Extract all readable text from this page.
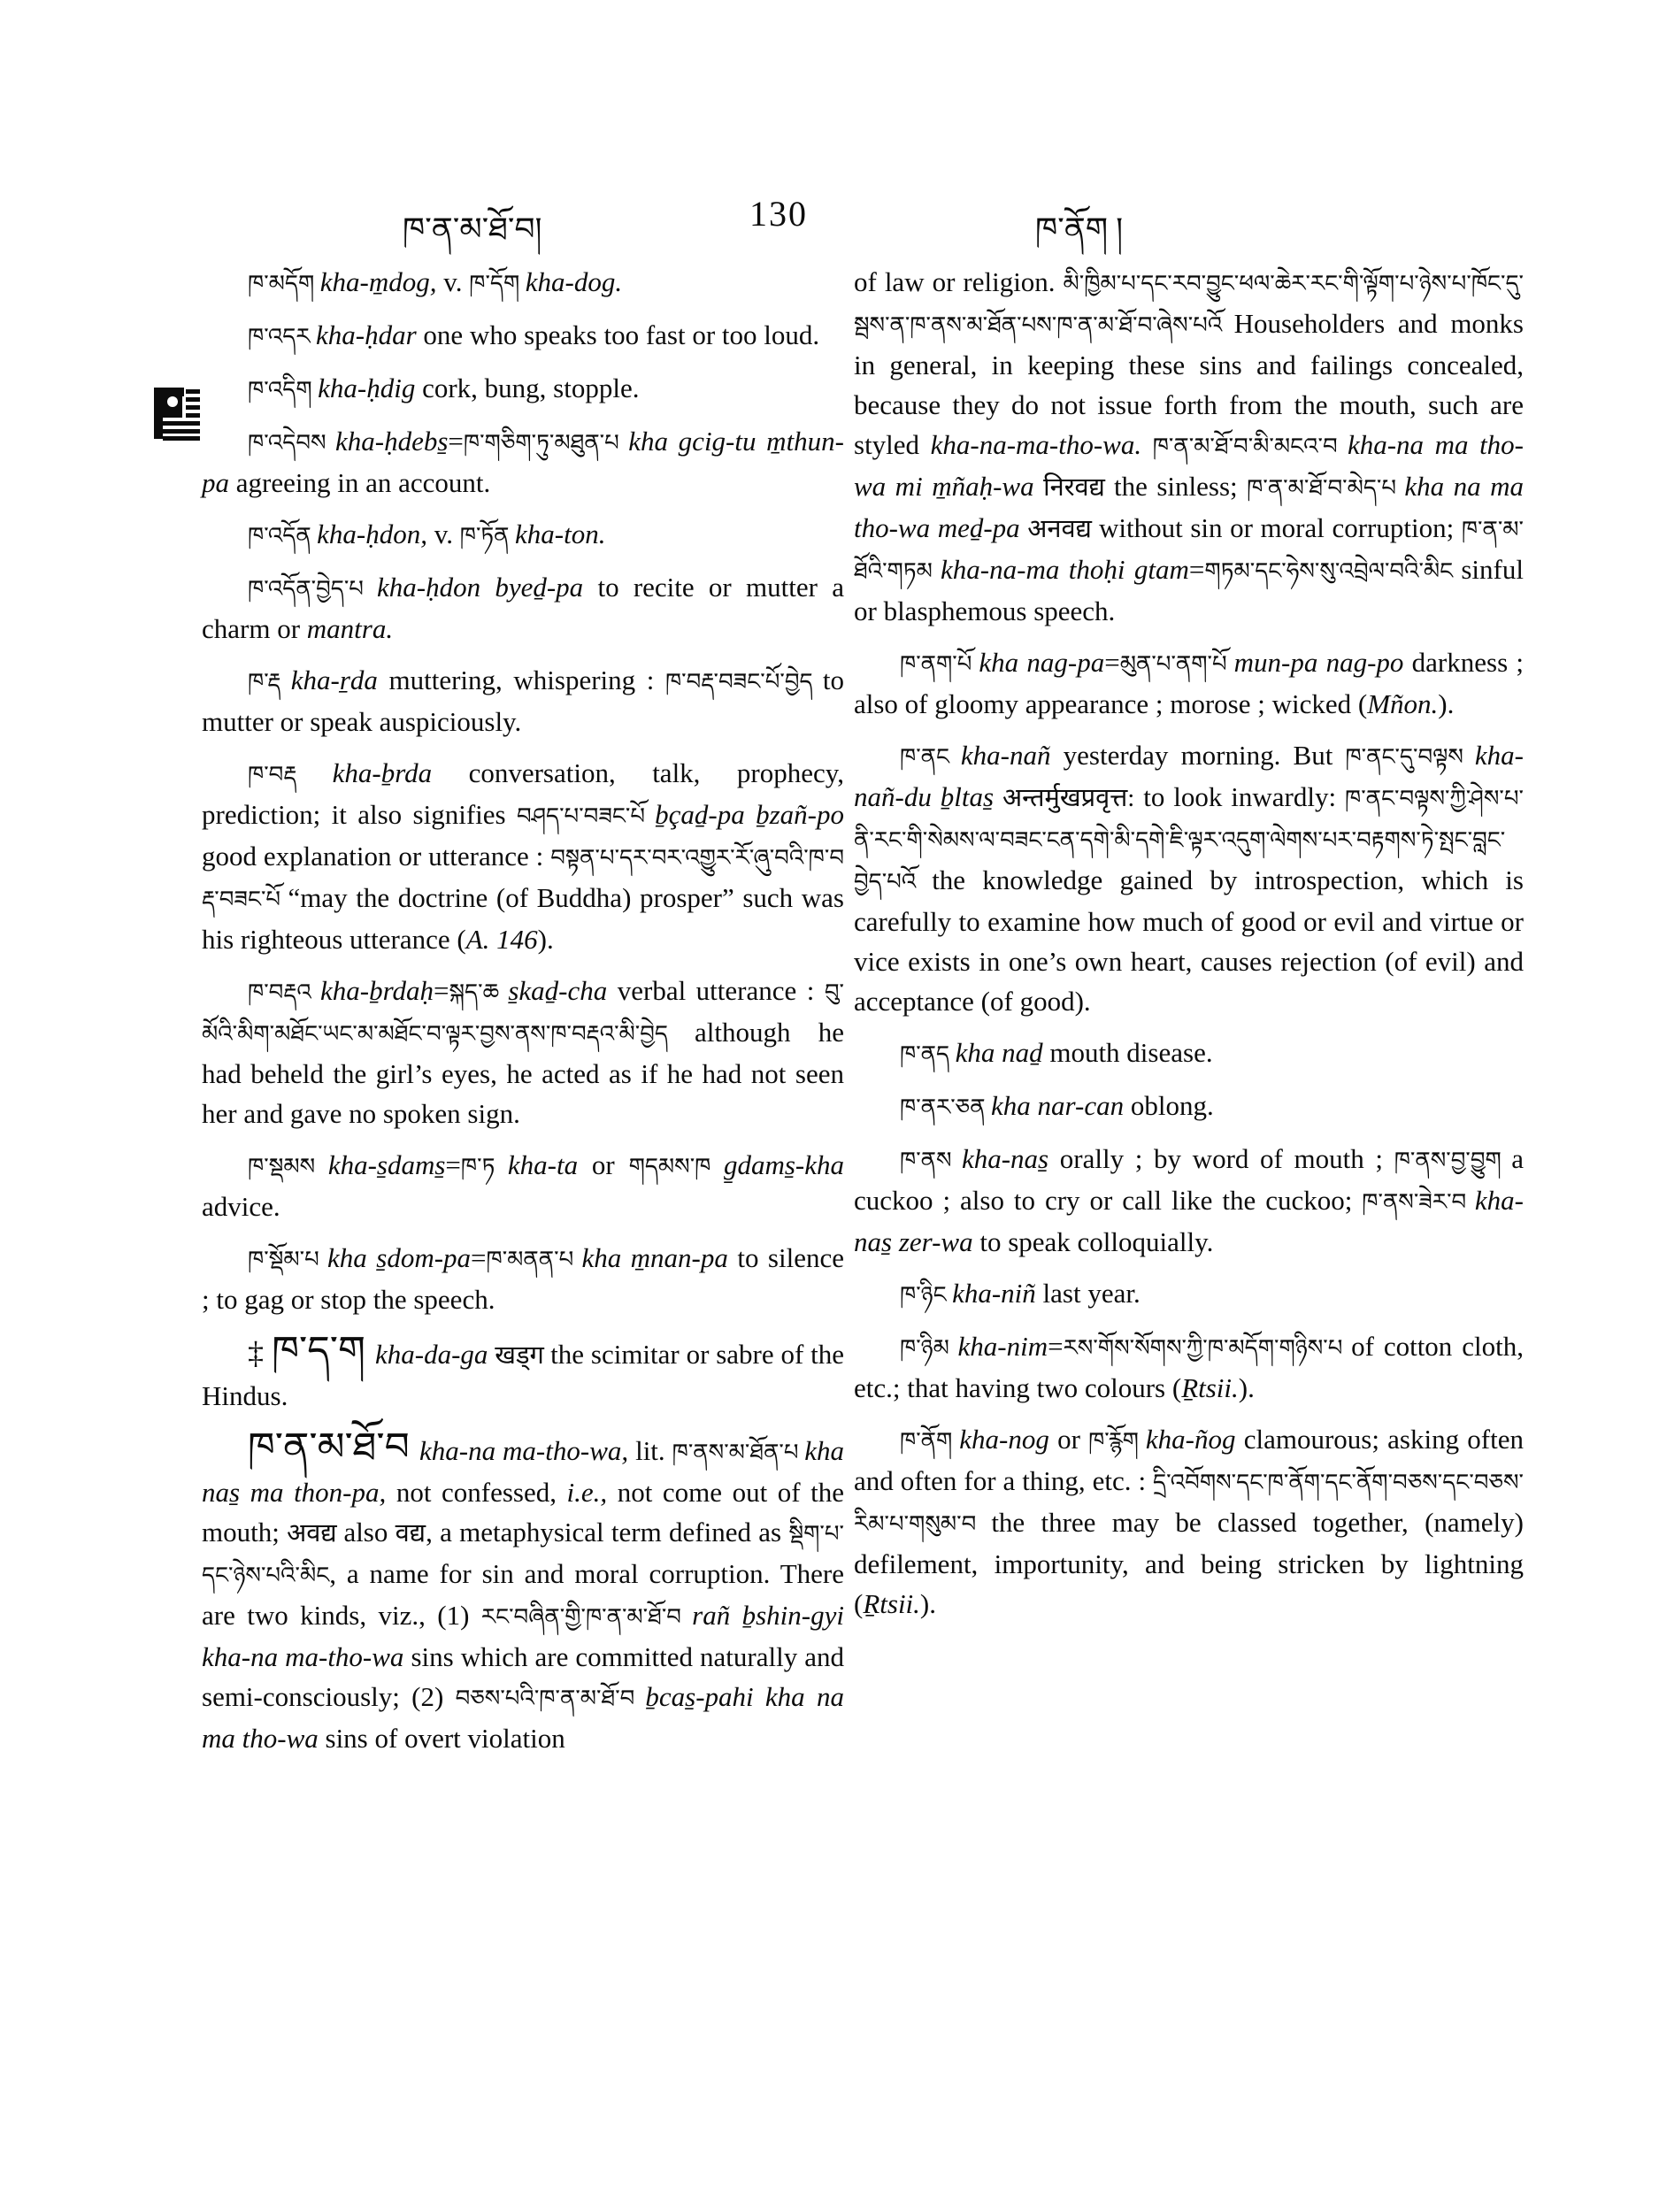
ཁ་ན་མ་ཐོ་བ།	130	ཁ་ནོག །

ཁ་མདོག kha-m̱dog, v. ཁ་དོག kha-dog.

ཁ་འདར kha-ḥdar one who speaks too fast or too loud.

ཁ་འདིག kha-ḥdig cork, bung, stopple.

ཁ་འདེབས kha-ḥdebs̱=ཁ་གཅིག་ཏུ་མཐུན་པ kha gcig-tu m̱thun-pa agreeing in an account.

ཁ་འདོན kha-ḥdon, v. ཁ་ཏོན kha-ton.

ཁ་འདོན་བྱེད་པ kha-ḥdon byeḏ-pa to recite or mutter a charm or mantra.

ཁ་རྡ kha-ṟda muttering, whispering : ཁ་བརྡ་བཟང་པོ་བྱེད to mutter or speak auspiciously.

ཁ་བརྡ kha-ḇrda conversation, talk, prophecy, prediction; it also signifies བཤད་པ་བཟང་པོ ḇçaḏ-pa ḇzañ-po good explanation or utterance : བསྟན་པ་དར་བར་འགྱུར་རོ་ཞུ་བའི་ཁ་བརྡ་བཟང་པོ “may the doctrine (of Buddha) prosper” such was his righteous utterance (A. 146).

ཁ་བརྡའ kha-ḇrdaḥ=སྐད་ཆ s̱kaḏ-cha verbal utterance : བུ་མོའི་མིག་མཐོང་ཡང་མ་མཐོང་བ་ལྟར་བྱས་ནས་ཁ་བརྡའ་མི་བྱེད although he had beheld the girl’s eyes, he acted as if he had not seen her and gave no spoken sign.

ཁ་སྡམས kha-s̱dams̱=ཁ་ཏ kha-ta or གདམས་ཁ g̱dams̱-kha advice.

ཁ་སྡོམ་པ kha s̱dom-pa=ཁ་མནན་པ kha m̱nan-pa to silence ; to gag or stop the speech.

‡ ཁ་ད་ག kha-da-ga खड्ग the scimitar or sabre of the Hindus.

ཁ་ན་མ་ཐོ་བ kha-na ma-tho-wa, lit. ཁ་ནས་མ་ཐོན་པ kha nas̱ ma thon-pa, not confessed, i.e., not come out of the mouth; अवद्य also वद्य, a metaphysical term defined as སྡིག་པ་དང་ཉེས་པའི་མིང, a name for sin and moral corruption. There are two kinds, viz., (1) རང་བཞིན་གྱི་ཁ་ན་མ་ཐོ་བ rañ ḇshin-gyi kha-na ma-tho-wa sins which are committed naturally and semi-consciously; (2) བཅས་པའི་ཁ་ན་མ་ཐོ་བ ḇcas̱-pahi kha na ma tho-wa sins of overt violation

of law or religion. མི་ཁྱིམ་པ་དང་རབ་བྱུང་ཕལ་ཆེར་རང་གི་ལྟོག་པ་ཉེས་པ་ཁོང་དུ་སྦས་ན་ཁ་ནས་མ་ཐོན་པས་ཁ་ན་མ་ཐོ་བ་ཞེས་པའོ Householders and monks in general, in keeping these sins and failings concealed, because they do not issue forth from the mouth, such are styled kha-na-ma-tho-wa. ཁ་ན་མ་ཐོ་བ་མི་མངའ་བ kha-na ma tho-wa mi m̱ñaḥ-wa निरवद्य the sinless; ཁ་ན་མ་ཐོ་བ་མེད་པ kha na ma tho-wa meḏ-pa अनवद्य without sin or moral corruption; ཁ་ན་མ་ཐོའི་གཏམ kha-na-ma thoḥi gtam=གཏམ་དང་ཧེས་སུ་འབྲེལ་བའི་མིང sinful or blasphemous speech.

ཁ་ནག་པོ kha nag-pa=མུན་པ་ནག་པོ mun-pa nag-po darkness ; also of gloomy appearance ; morose ; wicked (Mñon.).

ཁ་ནང kha-nañ yesterday morning. But ཁ་ནང་དུ་བལྟས kha-nañ-du ḇltas̱ अन्तर्मुखप्रवृत्त: to look inwardly: ཁ་ནང་བལྟས་ཀྱི་ཤེས་པ་ནི་རང་གི་སེམས་ལ་བཟང་ངན་དགེ་མི་དགེ་ཇི་ལྟར་འདུག་ལེགས་པར་བརྟགས་ཏེ་སྤང་བླང་བྱེད་པའོ the knowledge gained by introspection, which is carefully to examine how much of good or evil and virtue or vice exists in one’s own heart, causes rejection (of evil) and acceptance (of good).

ཁ་ནད kha naḏ mouth disease.

ཁ་ནར་ཅན kha nar-can oblong.

ཁ་ནས kha-nas̱ orally ; by word of mouth ; ཁ་ནས་བྱ་བྱུག a cuckoo ; also to cry or call like the cuckoo; ཁ་ནས་ཟེར་བ kha-nas̱ zer-wa to speak colloquially.

ཁ་ཉིང kha-niñ last year.

ཁ་ཉིམ kha-nim=རས་གོས་སོགས་ཀྱི་ཁ་མདོག་གཉིས་པ of cotton cloth, etc.; that having two colours (Ṟtsii.).

ཁ་ནོག kha-nog or ཁ་རྙོག kha-ñog clamourous; asking often and often for a thing, etc. : དྲི་འབོགས་དང་ཁ་ནོག་དང་ནོག་བཅས་དང་བཅས་རིམ་པ་གསུམ་བ the three may be classed together, (namely) defilement, importunity, and being stricken by lightning (Ṟtsii.).
